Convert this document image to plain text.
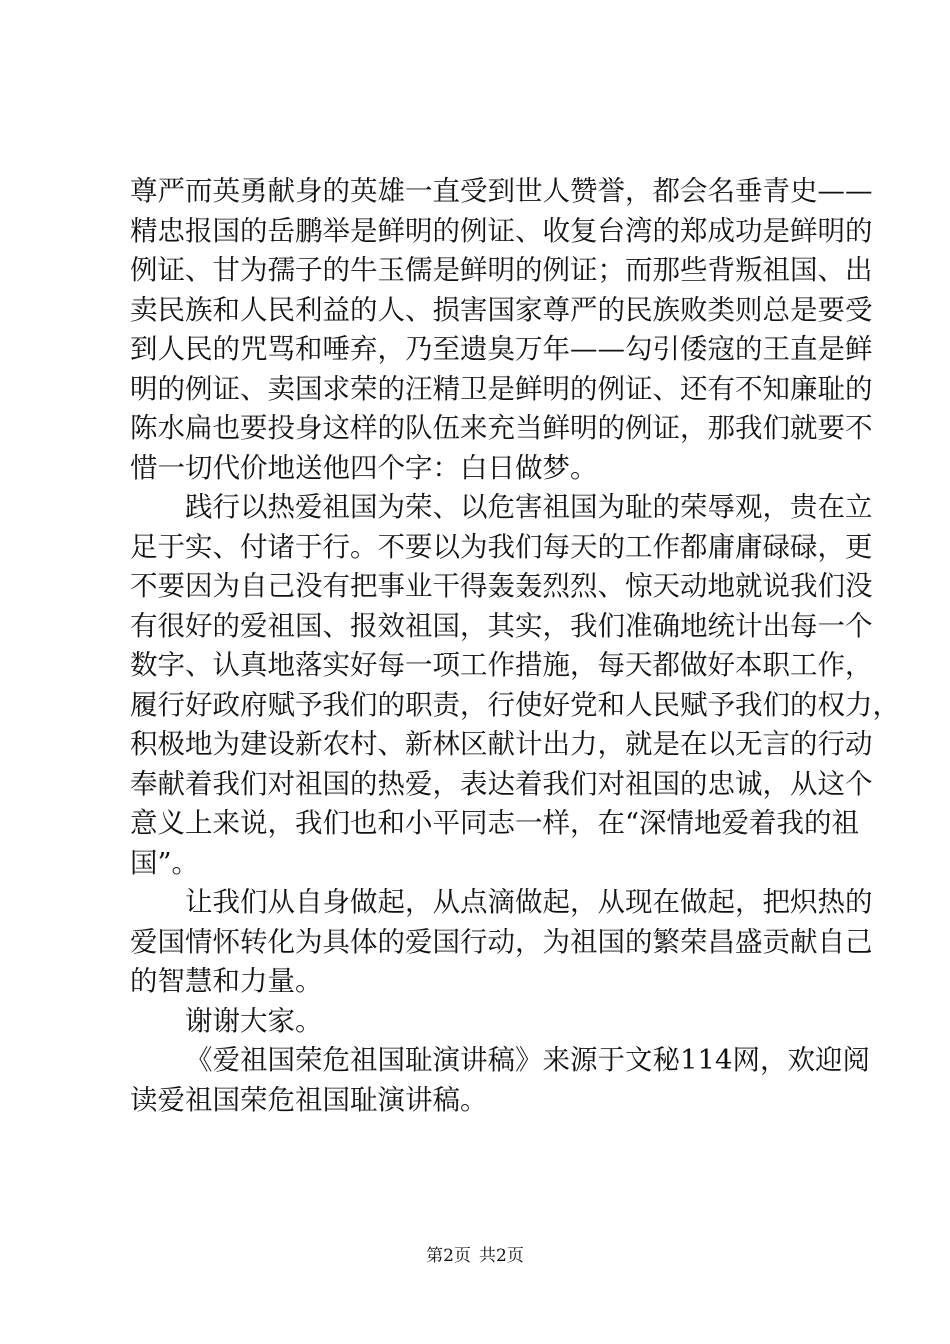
尊严而英勇献身的英雄一直受到世人赞誉，都会名垂青史——
精忠报国的岳鹏举是鲜明的例证、收复台湾的郑成功是鲜明的
例证、甘为孺子的牛玉儒是鲜明的例证；而那些背叛祖国、出
卖民族和人民利益的人、损害国家尊严的民族败类则总是要受
到人民的咒骂和唾弃，乃至遗臭万年——勾引倭寇的王直是鲜
明的例证、卖国求荣的汪精卫是鲜明的例证、还有不知廉耻的
陈水扁也要投身这样的队伍来充当鲜明的例证，那我们就要不
惜一切代价地送他四个字：白日做梦。
践行以热爱祖国为荣、以危害祖国为耻的荣辱观，贵在立
足于实、付诸于行。不要以为我们每天的工作都庸庸碌碌，更
不要因为自己没有把事业干得轰轰烈烈、惊天动地就说我们没
有很好的爱祖国、报效祖国，其实，我们准确地统计出每一个
数字、认真地落实好每一项工作措施，每天都做好本职工作，
履行好政府赋予我们的职责，行使好党和人民赋予我们的权力，
积极地为建设新农村、新林区献计出力，就是在以无言的行动
奉献着我们对祖国的热爱，表达着我们对祖国的忠诚，从这个
意义上来说，我们也和小平同志一样，在“深情地爱着我的祖
国”。
让我们从自身做起，从点滴做起，从现在做起，把炽热的
爱国情怀转化为具体的爱国行动，为祖国的繁荣昌盛贡献自己
的智慧和力量。
谢谢大家。
《爱祖国荣危祖国耻演讲稿》来源于文秘114网，欢迎阅
读爱祖国荣危祖国耻演讲稿。
第2页 共2页
